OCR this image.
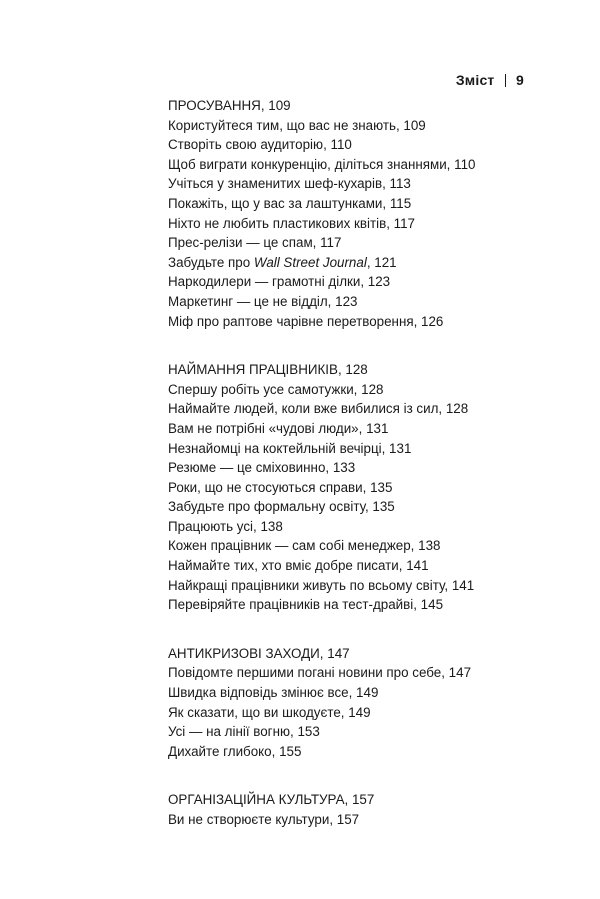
Зміст 9
ПРОСУВАННЯ, 109
Користуйтеся тим, що вас не знають, 109
Створіть свою аудиторію, 110
Щоб виграти конкуренцію, діліться знаннями, 110
Учіться у знаменитих шеф-кухарів, 113
Покажіть, що у вас за лаштунками, 115
Ніхто не любить пластикових квітів, 117
Прес-релізи — це спам, 117
Забудьте про Wall Street Journal, 121
Наркодилери — грамотні ділки, 123
Маркетинг — це не відділ, 123
Міф про раптове чарівне перетворення, 126
НАЙМАННЯ ПРАЦІВНИКІВ, 128
Спершу робіть усе самотужки, 128
Наймайте людей, коли вже вибилися із сил, 128
Вам не потрібні «чудові люди», 131
Незнайомці на коктейльній вечірці, 131
Резюме — це сміховинно, 133
Роки, що не стосуються справи, 135
Забудьте про формальну освіту, 135
Працюють усі, 138
Кожен працівник — сам собі менеджер, 138
Наймайте тих, хто вміє добре писати, 141
Найкращі працівники живуть по всьому світу, 141
Перевіряйте працівників на тест-драйві, 145
АНТИКРИЗОВІ ЗАХОДИ, 147
Повідомте першими погані новини про себе, 147
Швидка відповідь змінює все, 149
Як сказати, що ви шкодуєте, 149
Усі — на лінії вогню, 153
Дихайте глибоко, 155
ОРГАНІЗАЦІЙНА КУЛЬТУРА, 157
Ви не створюєте культури, 157
